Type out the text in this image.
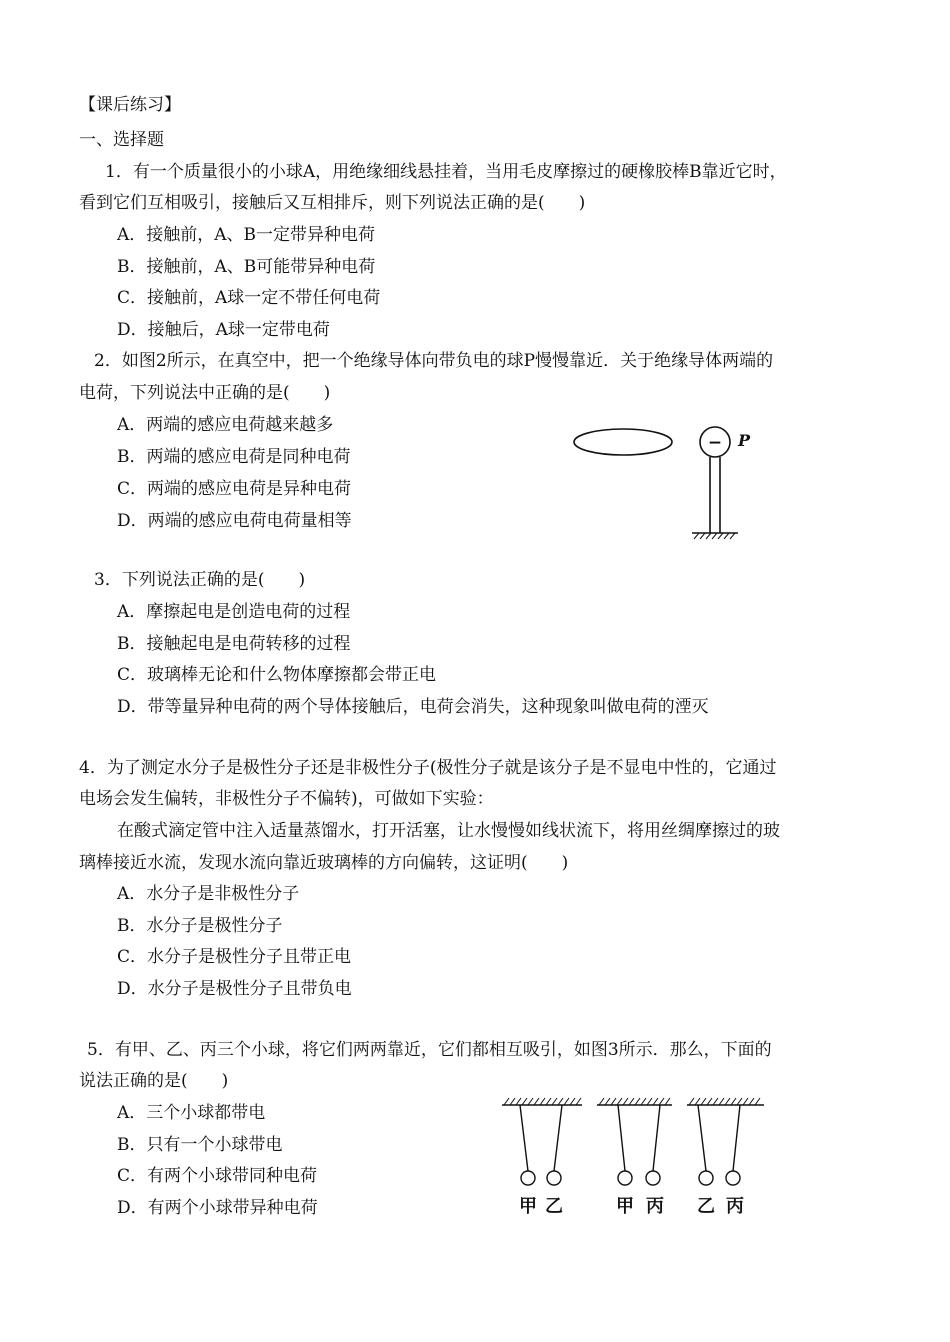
【课后练习】
一、选择题
1．有一个质量很小的小球A，用绝缘细线悬挂着，当用毛皮摩擦过的硬橡胶棒B靠近它时，
看到它们互相吸引，接触后又互相排斥，则下列说法正确的是(　　)
A．接触前，A、B一定带异种电荷
B．接触前，A、B可能带异种电荷
C．接触前，A球一定不带任何电荷
D．接触后，A球一定带电荷
2．如图2所示，在真空中，把一个绝缘导体向带负电的球P慢慢靠近．关于绝缘导体两端的
电荷，下列说法中正确的是(　　)
A．两端的感应电荷越来越多
B．两端的感应电荷是同种电荷
C．两端的感应电荷是异种电荷
D．两端的感应电荷电荷量相等
− P
3．下列说法正确的是(　　)
A．摩擦起电是创造电荷的过程
B．接触起电是电荷转移的过程
C．玻璃棒无论和什么物体摩擦都会带正电
D．带等量异种电荷的两个导体接触后，电荷会消失，这种现象叫做电荷的湮灭
4．为了测定水分子是极性分子还是非极性分子(极性分子就是该分子是不显电中性的，它通过
电场会发生偏转，非极性分子不偏转)，可做如下实验：
在酸式滴定管中注入适量蒸馏水，打开活塞，让水慢慢如线状流下，将用丝绸摩擦过的玻
璃棒接近水流，发现水流向靠近玻璃棒的方向偏转，这证明(　　)
A．水分子是非极性分子
B．水分子是极性分子
C．水分子是极性分子且带正电
D．水分子是极性分子且带负电
5．有甲、乙、丙三个小球，将它们两两靠近，它们都相互吸引，如图3所示．那么，下面的
说法正确的是(　　)
A．三个小球都带电
B．只有一个小球带电
C．有两个小球带同种电荷
D．有两个小球带异种电荷	甲 乙	甲 丙 乙 丙
